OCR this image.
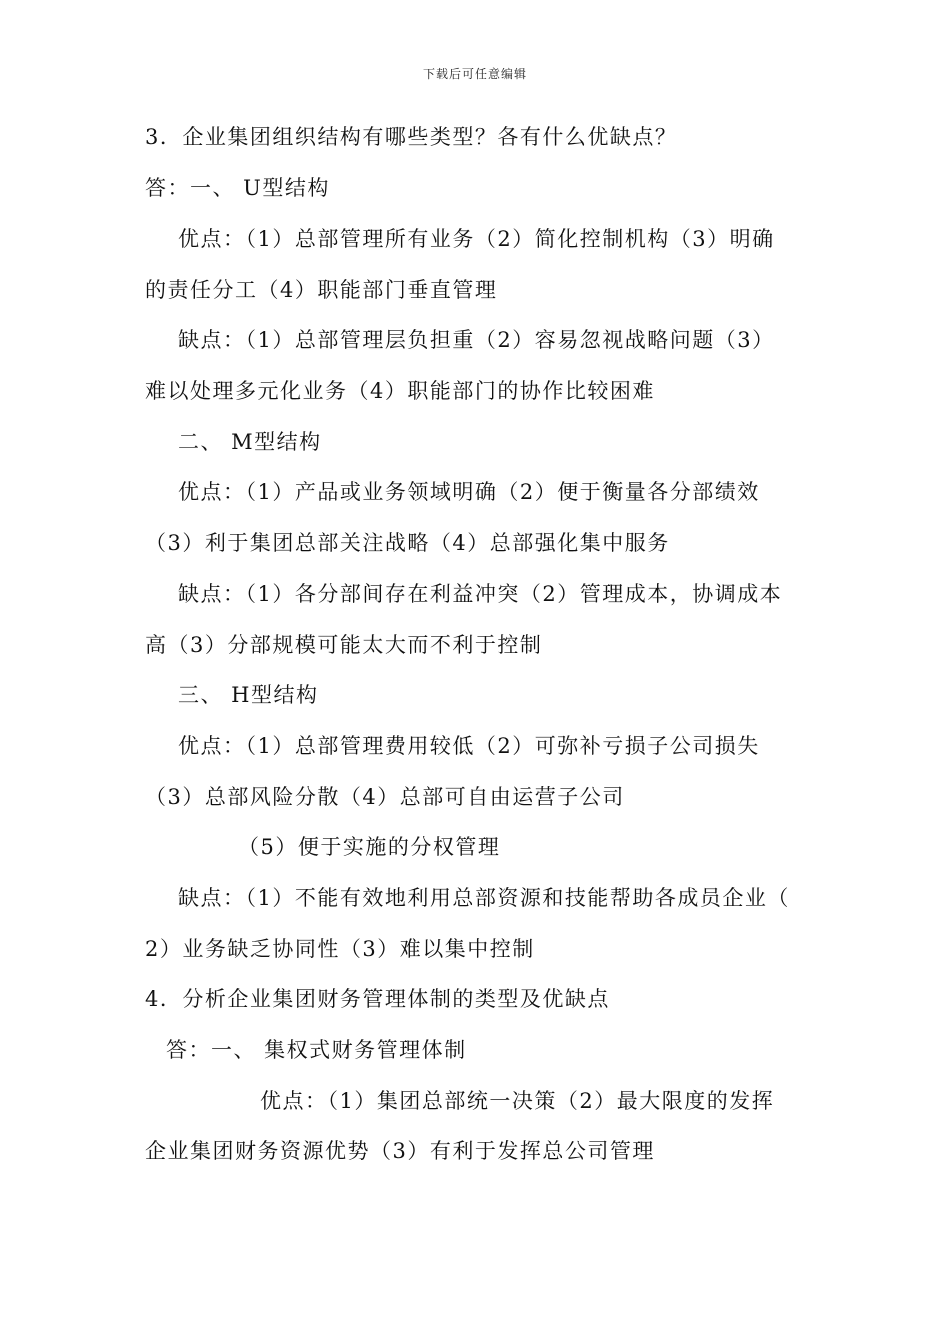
下载后可任意编辑
3．企业集团组织结构有哪些类型？各有什么优缺点？
答：一、 U型结构
优点：（1）总部管理所有业务（2）简化控制机构（3）明确
的责任分工（4）职能部门垂直管理
缺点：（1）总部管理层负担重（2）容易忽视战略问题（3）
难以处理多元化业务（4）职能部门的协作比较困难
二、 M型结构
优点：（1）产品或业务领域明确（2）便于衡量各分部绩效
（3）利于集团总部关注战略（4）总部强化集中服务
缺点：（1）各分部间存在利益冲突（2）管理成本，协调成本
高（3）分部规模可能太大而不利于控制
三、 H型结构
优点：（1）总部管理费用较低（2）可弥补亏损子公司损失
（3）总部风险分散（4）总部可自由运营子公司
（5）便于实施的分权管理
缺点：（1）不能有效地利用总部资源和技能帮助各成员企业（
2）业务缺乏协同性（3）难以集中控制
4．分析企业集团财务管理体制的类型及优缺点
答：一、 集权式财务管理体制
优点：（1）集团总部统一决策（2）最大限度的发挥
企业集团财务资源优势（3）有利于发挥总公司管理
